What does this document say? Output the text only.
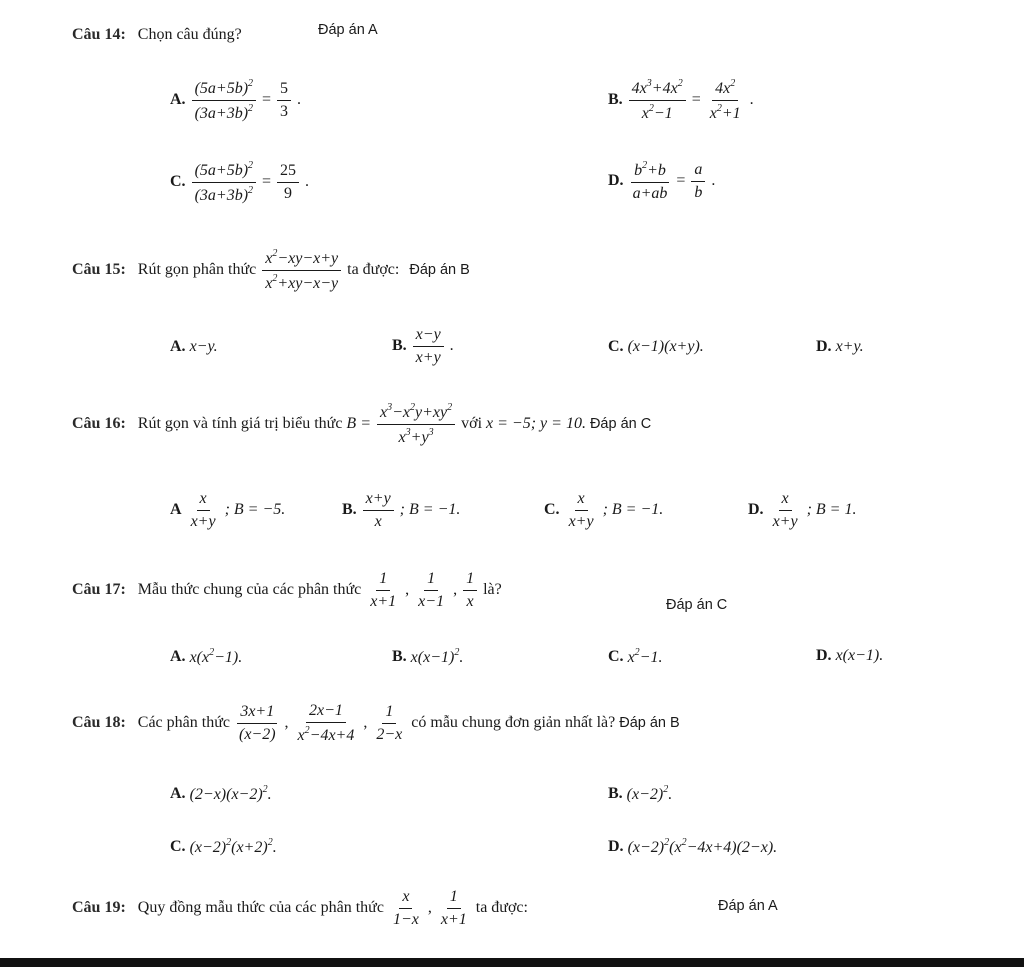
Câu 14: Chọn câu đúng?	Đáp án A
A. $\frac{(5a+5b)^2}{(3a+3b)^2} = \frac{5}{3}$ .	B. $\frac{4x^3+4x^2}{x^2-1} = \frac{4x^2}{x^2+1}$ .
C. $\frac{(5a+5b)^2}{(3a+3b)^2} = \frac{25}{9}$ .	D. $\frac{b^2+b}{a+ab} = \frac{a}{b}$ .
Câu 15: Rút gọn phân thức $\frac{x^2-xy-x+y}{x^2+xy-x-y}$ ta được: Đáp án B
A. x−y.	B. $\frac{x-y}{x+y}$ .	C. (x−1)(x+y).	D. x+y.
Câu 16: Rút gọn và tính giá trị biểu thức $B = \frac{x^3-x^2y+xy^2}{x^3+y^3}$ với x = −5; y = 10. Đáp án C
A $\frac{x}{x+y}$ ; B = −5.	B. $\frac{x+y}{x}$ ; B = −1.	C. $\frac{x}{x+y}$ ; B = −1.	D. $\frac{x}{x+y}$ ; B = 1.
Câu 17: Mẫu thức chung của các phân thức $\frac{1}{x+1}$ , $\frac{1}{x-1}$ , $\frac{1}{x}$ là?
Đáp án C
A. $x(x^2-1)$.	B. $x(x-1)^2$.	C. $x^2-1$.	D. x(x−1).
Câu 18: Các phân thức $\frac{3x+1}{(x-2)}$ , $\frac{2x-1}{x^2-4x+4}$ , $\frac{1}{2-x}$ có mẫu chung đơn giản nhất là? Đáp án B
A. $(2-x)(x-2)^2$.	B. $(x-2)^2$.
C. $(x-2)^2(x+2)^2$.	D. $(x-2)^2(x^2-4x+4)(2-x)$.
Câu 19: Quy đồng mẫu thức của các phân thức $\frac{x}{1-x}$ , $\frac{1}{x+1}$ ta được:	Đáp án A
